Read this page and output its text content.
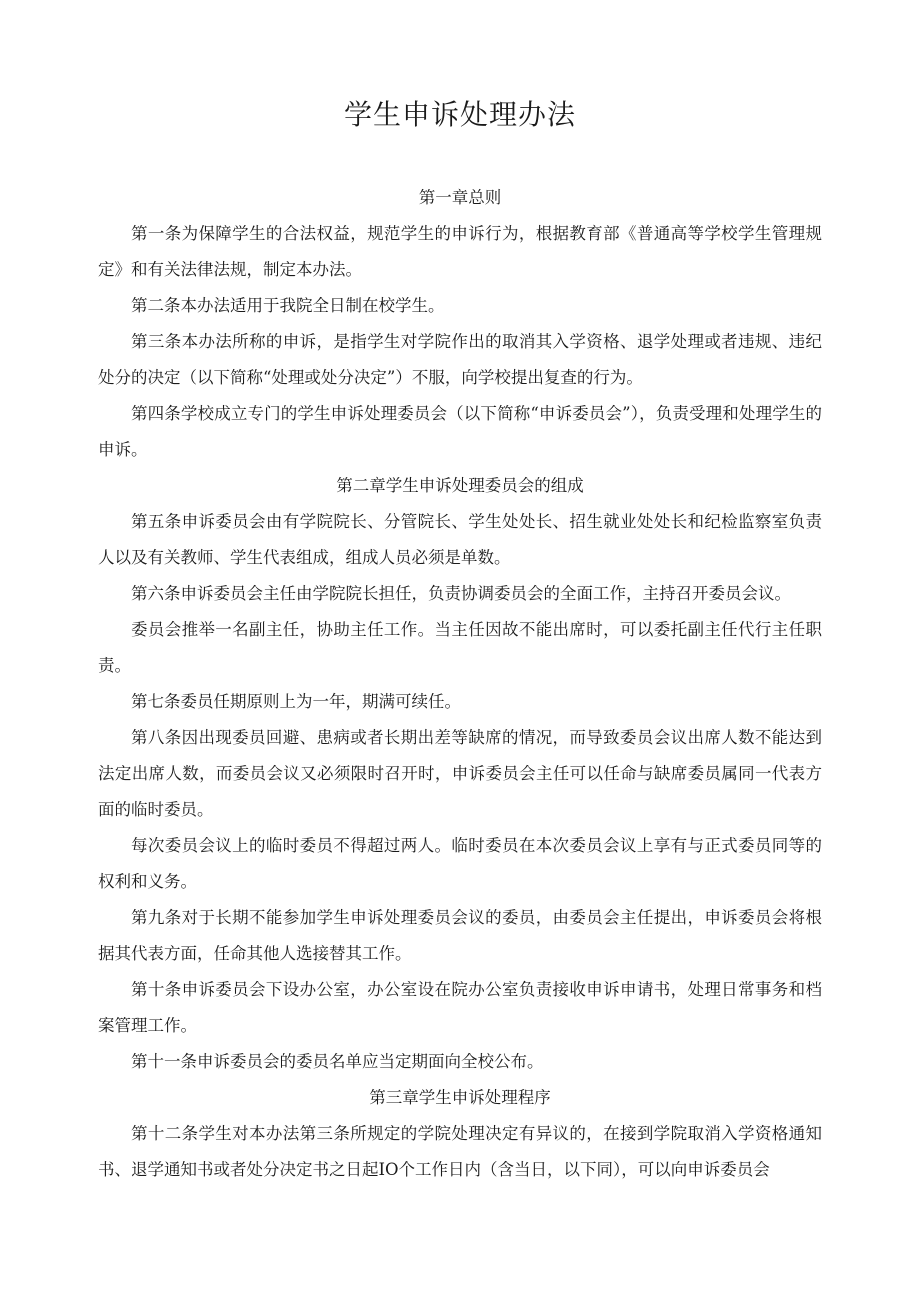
学生申诉处理办法

第一章总则

第一条为保障学生的合法权益，规范学生的申诉行为，根据教育部《普通高等学校学生管理规定》和有关法律法规，制定本办法。

第二条本办法适用于我院全日制在校学生。

第三条本办法所称的申诉，是指学生对学院作出的取消其入学资格、退学处理或者违规、违纪处分的决定（以下简称“处理或处分决定”）不服，向学校提出复查的行为。

第四条学校成立专门的学生申诉处理委员会（以下简称“申诉委员会”），负责受理和处理学生的申诉。

第二章学生申诉处理委员会的组成

第五条申诉委员会由有学院院长、分管院长、学生处处长、招生就业处处长和纪检监察室负责人以及有关教师、学生代表组成，组成人员必须是单数。

第六条申诉委员会主任由学院院长担任，负责协调委员会的全面工作，主持召开委员会议。

委员会推举一名副主任，协助主任工作。当主任因故不能出席时，可以委托副主任代行主任职责。

第七条委员任期原则上为一年，期满可续任。

第八条因出现委员回避、患病或者长期出差等缺席的情况，而导致委员会议出席人数不能达到法定出席人数，而委员会议又必须限时召开时，申诉委员会主任可以任命与缺席委员属同一代表方面的临时委员。

每次委员会议上的临时委员不得超过两人。临时委员在本次委员会议上享有与正式委员同等的权利和义务。

第九条对于长期不能参加学生申诉处理委员会议的委员，由委员会主任提出，申诉委员会将根据其代表方面，任命其他人选接替其工作。

第十条申诉委员会下设办公室，办公室设在院办公室负责接收申诉申请书，处理日常事务和档案管理工作。

第十一条申诉委员会的委员名单应当定期面向全校公布。

第三章学生申诉处理程序

第十二条学生对本办法第三条所规定的学院处理决定有异议的，在接到学院取消入学资格通知书、退学通知书或者处分决定书之日起IO个工作日内（含当日，以下同），可以向申诉委员会
